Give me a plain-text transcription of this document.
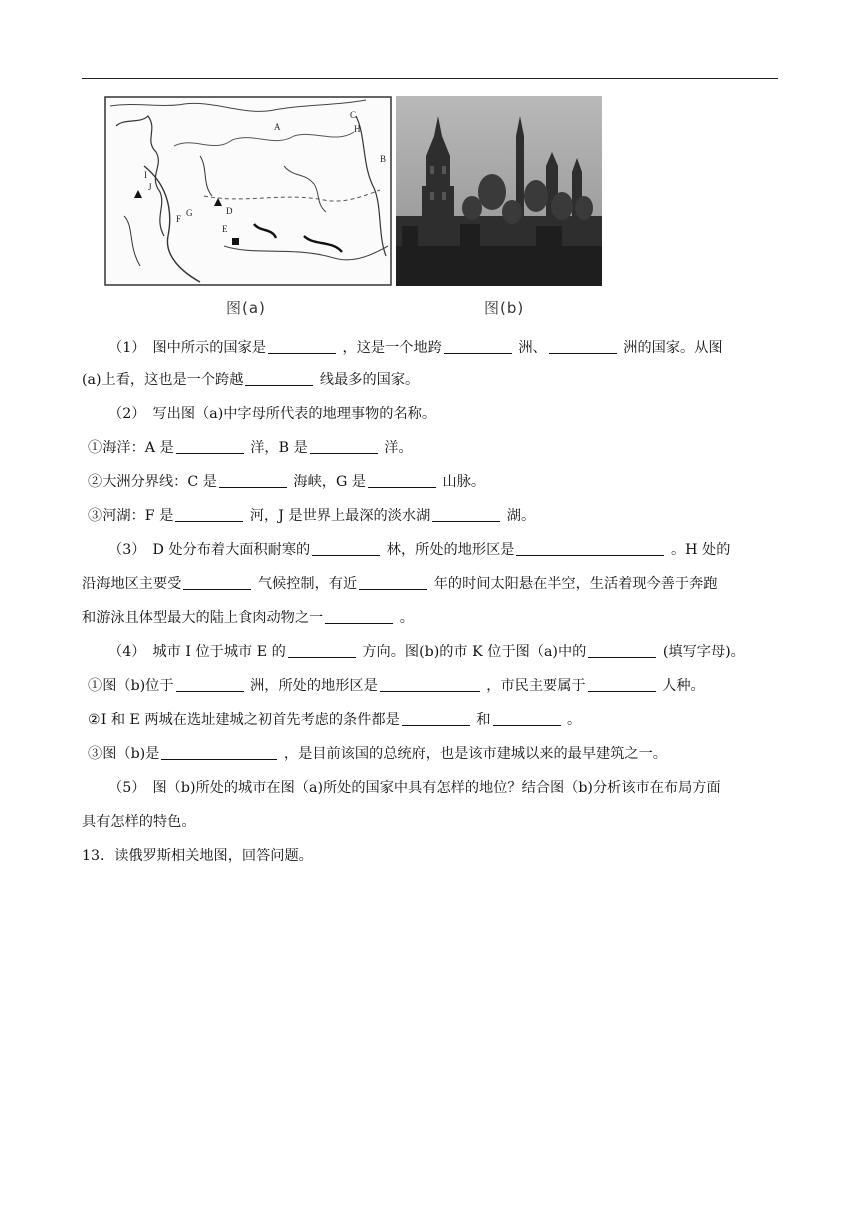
A
B
C
D
E
F
G
H
I
J
图(a)	图(b)
（1）　图中所示的国家是	，这是一个地跨	洲、	洲的国家。从图
(a)上看，这也是一个跨越	线最多的国家。
（2）　写出图（a)中字母所代表的地理事物的名称。
①海洋：A 是	洋，B 是	洋。
②大洲分界线：C 是	海峡，G 是	山脉。
③河湖：F 是	河，J 是世界上最深的淡水湖	湖。
（3）　D 处分布着大面积耐寒的	林，所处的地形区是	。H 处的
沿海地区主要受	气候控制，有近	年的时间太阳悬在半空，生活着现今善于奔跑
和游泳且体型最大的陆上食肉动物之一	。
（4）　城市 I 位于城市 E 的	方向。图(b)的市 K 位于图（a)中的	(填写字母)。
①图（b)位于	洲，所处的地形区是	，市民主要属于	人种。
②I 和 E 两城在选址建城之初首先考虑的条件都是	和	。
③图（b)是	，是目前该国的总统府，也是该市建城以来的最早建筑之一。
（5）　图（b)所处的城市在图（a)所处的国家中具有怎样的地位？结合图（b)分析该市在布局方面
具有怎样的特色。
13．读俄罗斯相关地图，回答问题。
